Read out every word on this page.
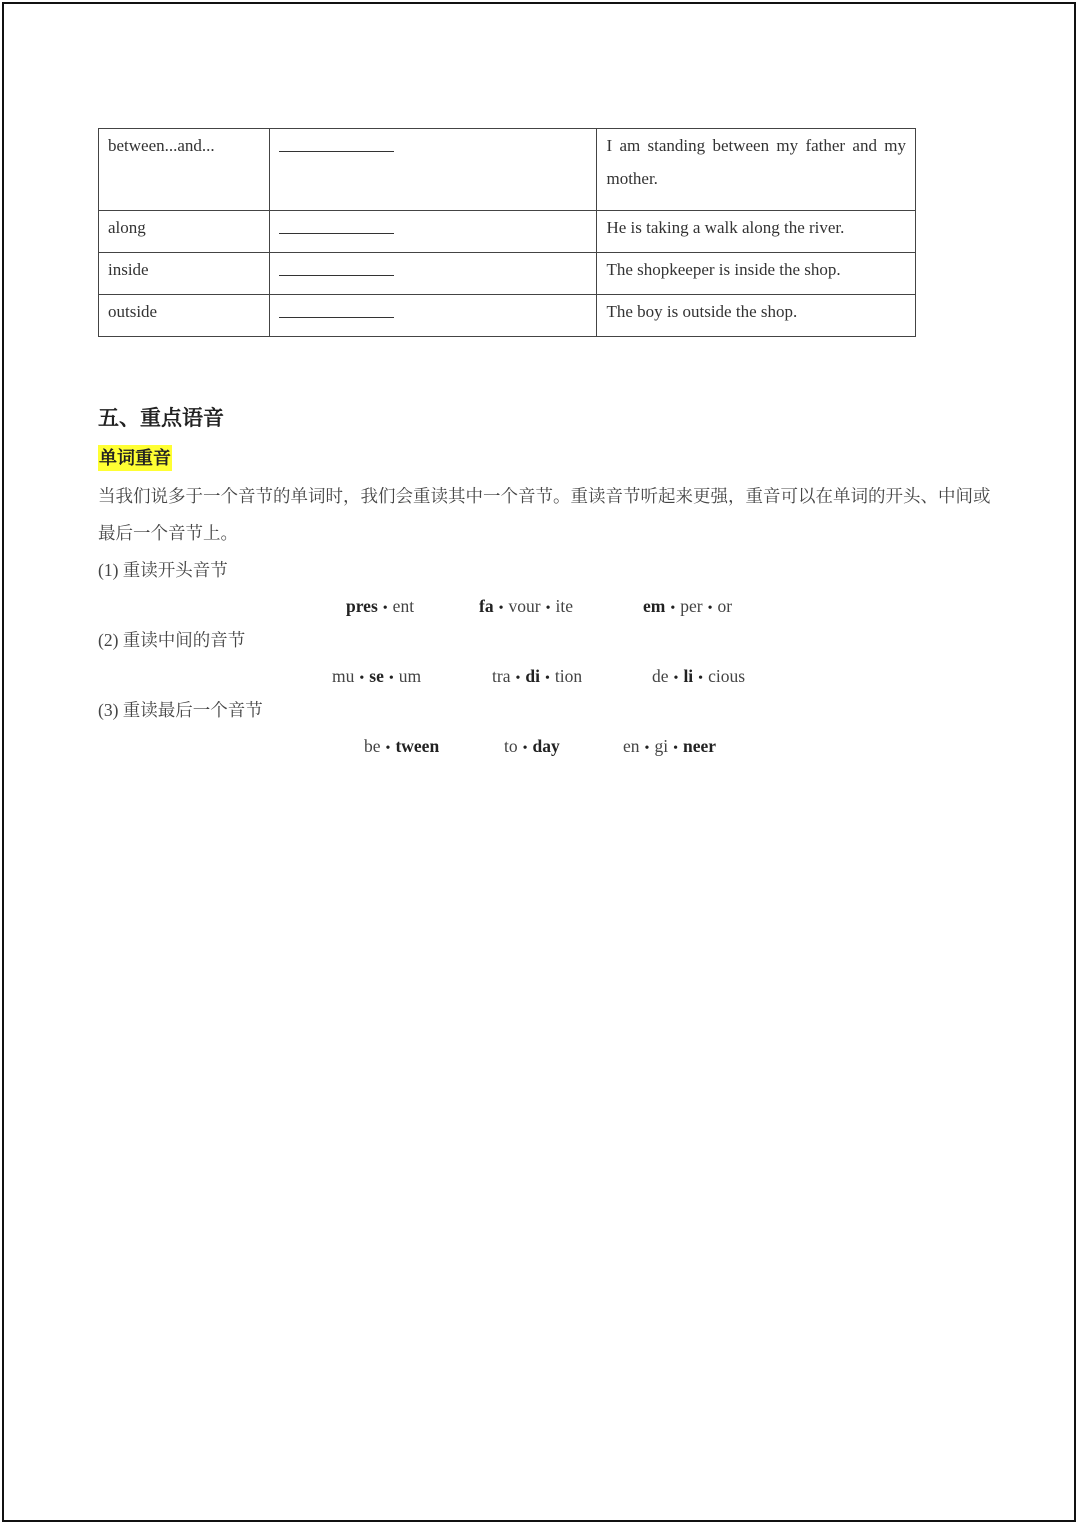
between...and...		I am standing between my father and my mother.
along		He is taking a walk along the river.
inside		The shopkeeper is inside the shop.
outside		The boy is outside the shop.
五、重点语音
单词重音

当我们说多于一个音节的单词时，我们会重读其中一个音节。重读音节听起来更强，重音可以在单词的开头、中间或最后一个音节上。

(1) 重读开头音节
pres • ent	fa • vour • ite	em • per • or
(2) 重读中间的音节
mu • se • um	tra • di • tion	de • li • cious
(3) 重读最后一个音节
be • tween	to • day	en • gi • neer
